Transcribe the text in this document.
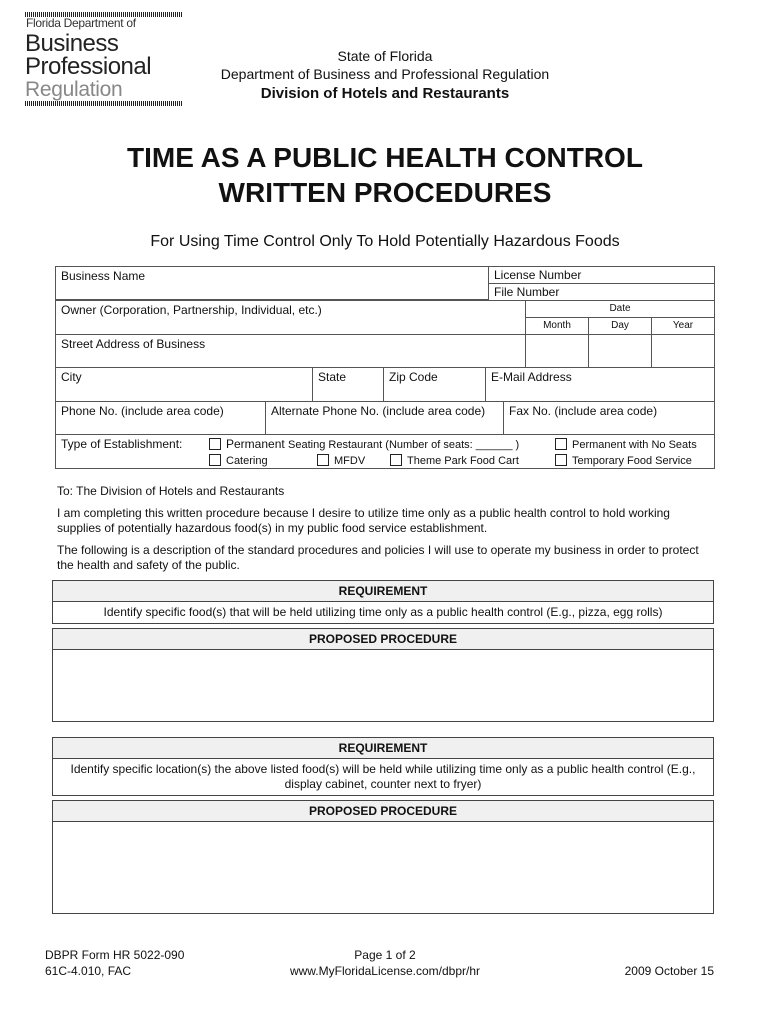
Florida Department of
Business
Professional
Regulation
State of Florida
Department of Business and Professional Regulation
Division of Hotels and Restaurants
TIME AS A PUBLIC HEALTH CONTROL
WRITTEN PROCEDURES
For Using Time Control Only To Hold Potentially Hazardous Foods
Business Name	License Number
File Number
Owner (Corporation, Partnership, Individual, etc.)	Date
Month	Day	Year
Street Address of Business
City	State	Zip Code	E-Mail Address
Phone No. (include area code)	Alternate Phone No. (include area code)	Fax No. (include area code)
Type of Establishment:	Permanent Seating Restaurant (Number of seats: ______ )	Permanent with No Seats
Catering	MFDV	Theme Park Food Cart	Temporary Food Service
To: The Division of Hotels and Restaurants
I am completing this written procedure because I desire to utilize time only as a public health control to hold working supplies of potentially hazardous food(s) in my public food service establishment.
The following is a description of the standard procedures and policies I will use to operate my business in order to protect the health and safety of the public.
REQUIREMENT
Identify specific food(s) that will be held utilizing time only as a public health control (E.g., pizza, egg rolls)
PROPOSED PROCEDURE
REQUIREMENT
Identify specific location(s) the above listed food(s) will be held while utilizing time only as a public health control (E.g., display cabinet, counter next to fryer)
PROPOSED PROCEDURE
DBPR Form HR 5022-090
61C-4.010, FAC
Page 1 of 2
www.MyFloridaLicense.com/dbpr/hr	2009 October 15
